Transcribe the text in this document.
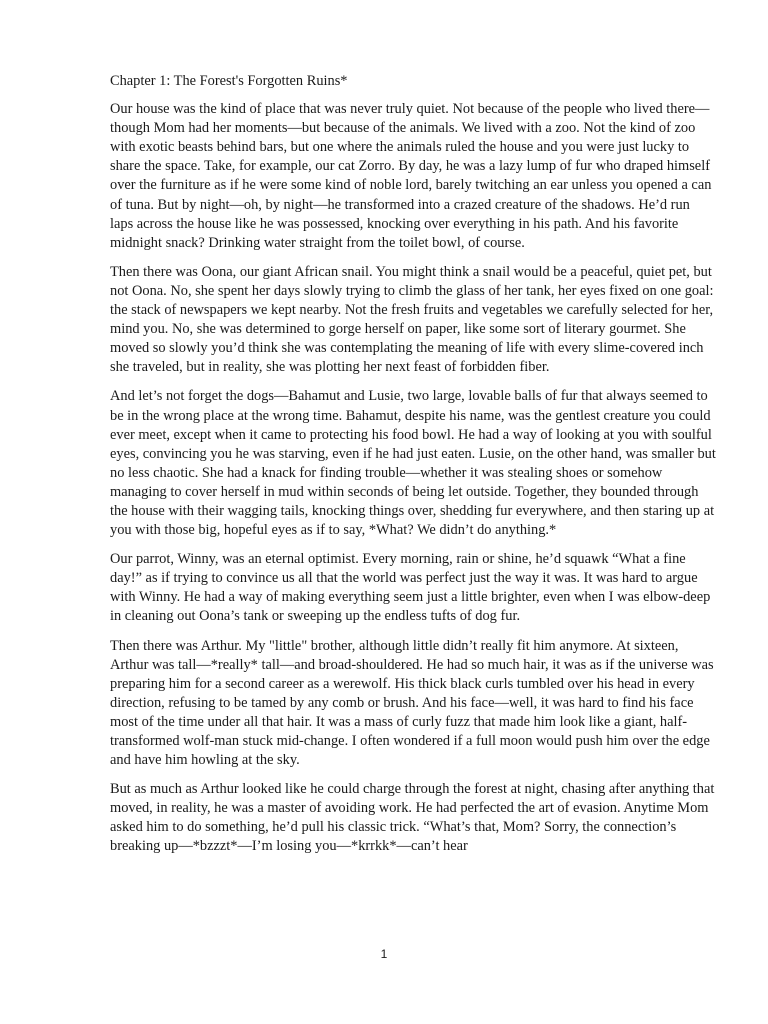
Chapter 1: The Forest's Forgotten Ruins*

Our house was the kind of place that was never truly quiet. Not because of the people who lived there—though Mom had her moments—but because of the animals. We lived with a zoo. Not the kind of zoo with exotic beasts behind bars, but one where the animals ruled the house and you were just lucky to share the space. Take, for example, our cat Zorro. By day, he was a lazy lump of fur who draped himself over the furniture as if he were some kind of noble lord, barely twitching an ear unless you opened a can of tuna. But by night—oh, by night—he transformed into a crazed creature of the shadows. He’d run laps across the house like he was possessed, knocking over everything in his path. And his favorite midnight snack? Drinking water straight from the toilet bowl, of course.

Then there was Oona, our giant African snail. You might think a snail would be a peaceful, quiet pet, but not Oona. No, she spent her days slowly trying to climb the glass of her tank, her eyes fixed on one goal: the stack of newspapers we kept nearby. Not the fresh fruits and vegetables we carefully selected for her, mind you. No, she was determined to gorge herself on paper, like some sort of literary gourmet. She moved so slowly you’d think she was contemplating the meaning of life with every slime-covered inch she traveled, but in reality, she was plotting her next feast of forbidden fiber.

And let’s not forget the dogs—Bahamut and Lusie, two large, lovable balls of fur that always seemed to be in the wrong place at the wrong time. Bahamut, despite his name, was the gentlest creature you could ever meet, except when it came to protecting his food bowl. He had a way of looking at you with soulful eyes, convincing you he was starving, even if he had just eaten. Lusie, on the other hand, was smaller but no less chaotic. She had a knack for finding trouble—whether it was stealing shoes or somehow managing to cover herself in mud within seconds of being let outside. Together, they bounded through the house with their wagging tails, knocking things over, shedding fur everywhere, and then staring up at you with those big, hopeful eyes as if to say, *What? We didn’t do anything.*

Our parrot, Winny, was an eternal optimist. Every morning, rain or shine, he’d squawk “What a fine day!” as if trying to convince us all that the world was perfect just the way it was. It was hard to argue with Winny. He had a way of making everything seem just a little brighter, even when I was elbow-deep in cleaning out Oona’s tank or sweeping up the endless tufts of dog fur.

Then there was Arthur. My "little" brother, although little didn’t really fit him anymore. At sixteen, Arthur was tall—*really* tall—and broad-shouldered. He had so much hair, it was as if the universe was preparing him for a second career as a werewolf. His thick black curls tumbled over his head in every direction, refusing to be tamed by any comb or brush. And his face—well, it was hard to find his face most of the time under all that hair. It was a mass of curly fuzz that made him look like a giant, half-transformed wolf-man stuck mid-change. I often wondered if a full moon would push him over the edge and have him howling at the sky.

But as much as Arthur looked like he could charge through the forest at night, chasing after anything that moved, in reality, he was a master of avoiding work. He had perfected the art of evasion. Anytime Mom asked him to do something, he’d pull his classic trick. “What’s that, Mom? Sorry, the connection’s breaking up—*bzzzt*—I’m losing you—*krrkk*—can’t hear

1
